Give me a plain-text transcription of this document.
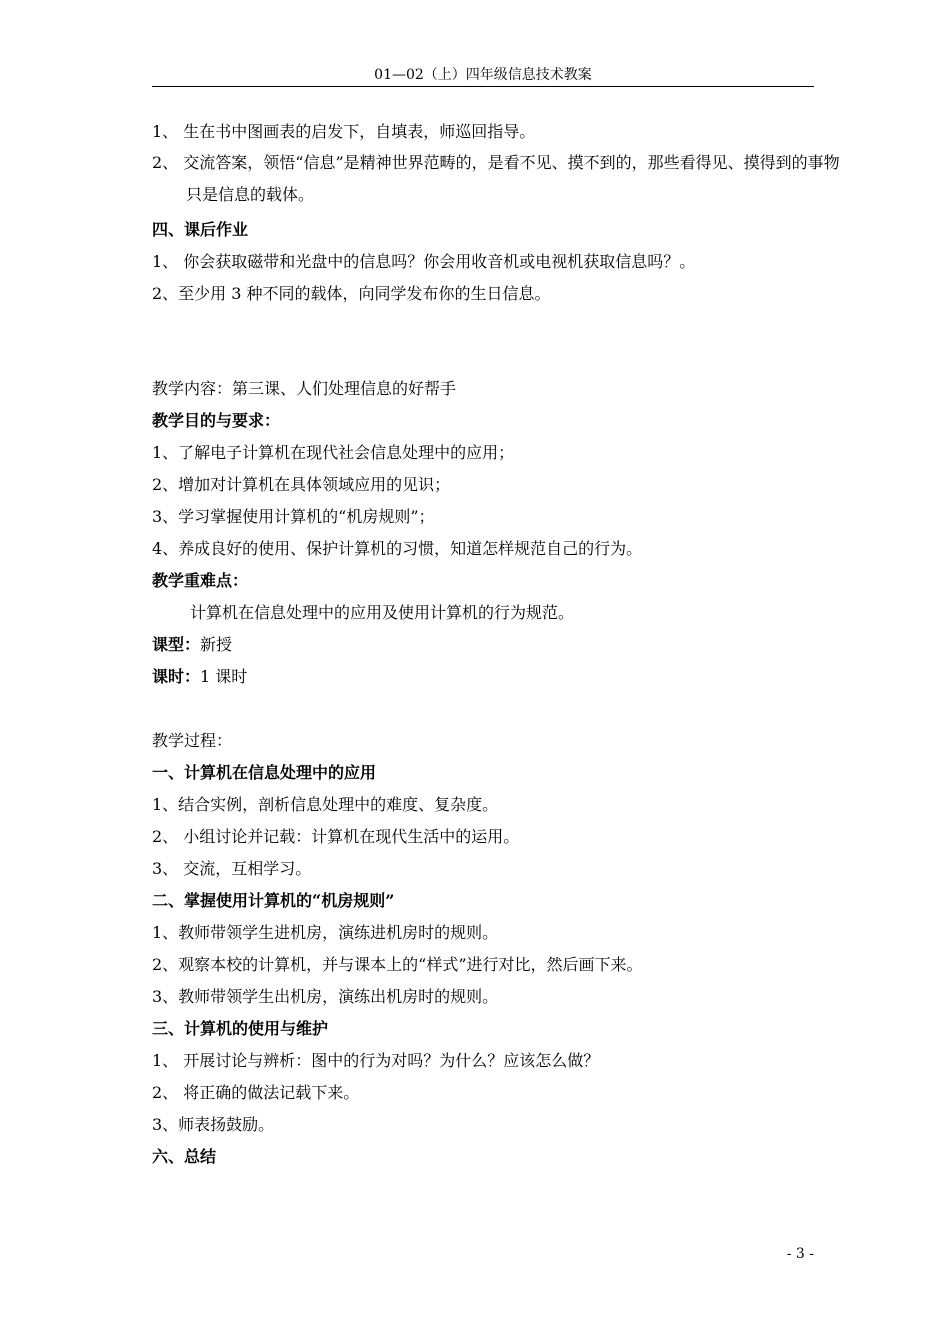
01—02（上）四年级信息技术教案
1、 生在书中图画表的启发下，自填表，师巡回指导。
2、 交流答案，领悟“信息”是精神世界范畴的，是看不见、摸不到的，那些看得见、摸得到的事物只是信息的载体。
四、课后作业
1、 你会获取磁带和光盘中的信息吗？你会用收音机或电视机获取信息吗？。
2、至少用 3 种不同的载体，向同学发布你的生日信息。
教学内容：第三课、人们处理信息的好帮手
教学目的与要求：
1、了解电子计算机在现代社会信息处理中的应用；
2、增加对计算机在具体领域应用的见识；
3、学习掌握使用计算机的“机房规则”；
4、养成良好的使用、保护计算机的习惯，知道怎样规范自己的行为。
教学重难点：
计算机在信息处理中的应用及使用计算机的行为规范。
课型：新授
课时：1 课时
教学过程：
一、计算机在信息处理中的应用
1、结合实例，剖析信息处理中的难度、复杂度。
2、 小组讨论并记载：计算机在现代生活中的运用。
3、 交流，互相学习。
二、掌握使用计算机的“机房规则”
1、教师带领学生进机房，演练进机房时的规则。
2、观察本校的计算机，并与课本上的“样式”进行对比，然后画下来。
3、教师带领学生出机房，演练出机房时的规则。
三、计算机的使用与维护
1、 开展讨论与辨析：图中的行为对吗？为什么？应该怎么做？
2、 将正确的做法记载下来。
3、师表扬鼓励。
六、总结
- 3 -
